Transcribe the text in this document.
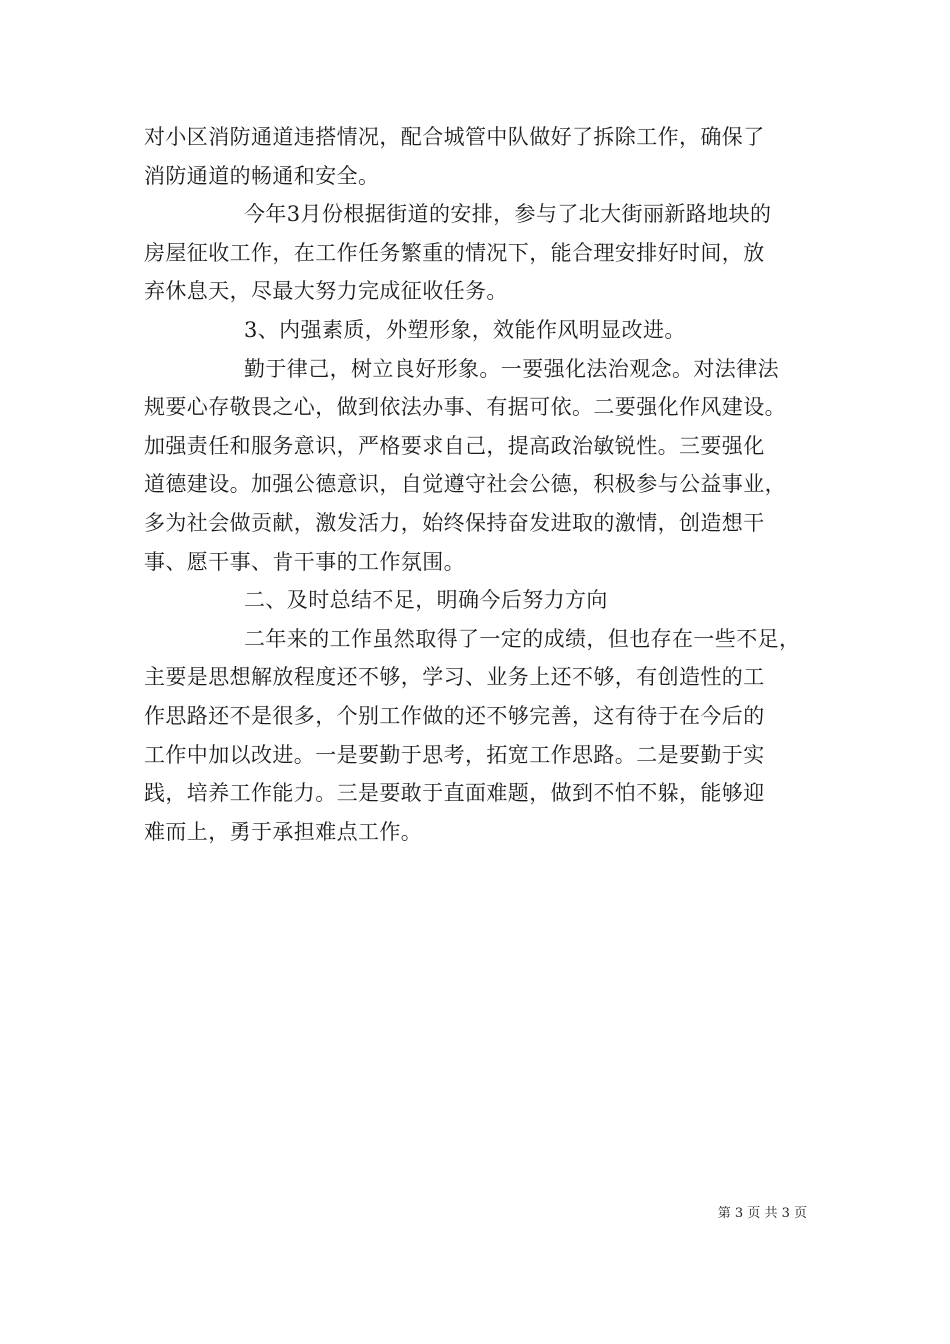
对小区消防通道违搭情况，配合城管中队做好了拆除工作，确保了
消防通道的畅通和安全。
今年3月份根据街道的安排，参与了北大街丽新路地块的
房屋征收工作，在工作任务繁重的情况下，能合理安排好时间，放
弃休息天，尽最大努力完成征收任务。
3、内强素质，外塑形象，效能作风明显改进。
勤于律己，树立良好形象。一要强化法治观念。对法律法
规要心存敬畏之心，做到依法办事、有据可依。二要强化作风建设。
加强责任和服务意识，严格要求自己，提高政治敏锐性。三要强化
道德建设。加强公德意识，自觉遵守社会公德，积极参与公益事业，
多为社会做贡献，激发活力，始终保持奋发进取的激情，创造想干
事、愿干事、肯干事的工作氛围。
二、及时总结不足，明确今后努力方向
二年来的工作虽然取得了一定的成绩，但也存在一些不足，
主要是思想解放程度还不够，学习、业务上还不够，有创造性的工
作思路还不是很多，个别工作做的还不够完善，这有待于在今后的
工作中加以改进。一是要勤于思考，拓宽工作思路。二是要勤于实
践，培养工作能力。三是要敢于直面难题，做到不怕不躲，能够迎
难而上，勇于承担难点工作。
第 3 页 共 3 页
